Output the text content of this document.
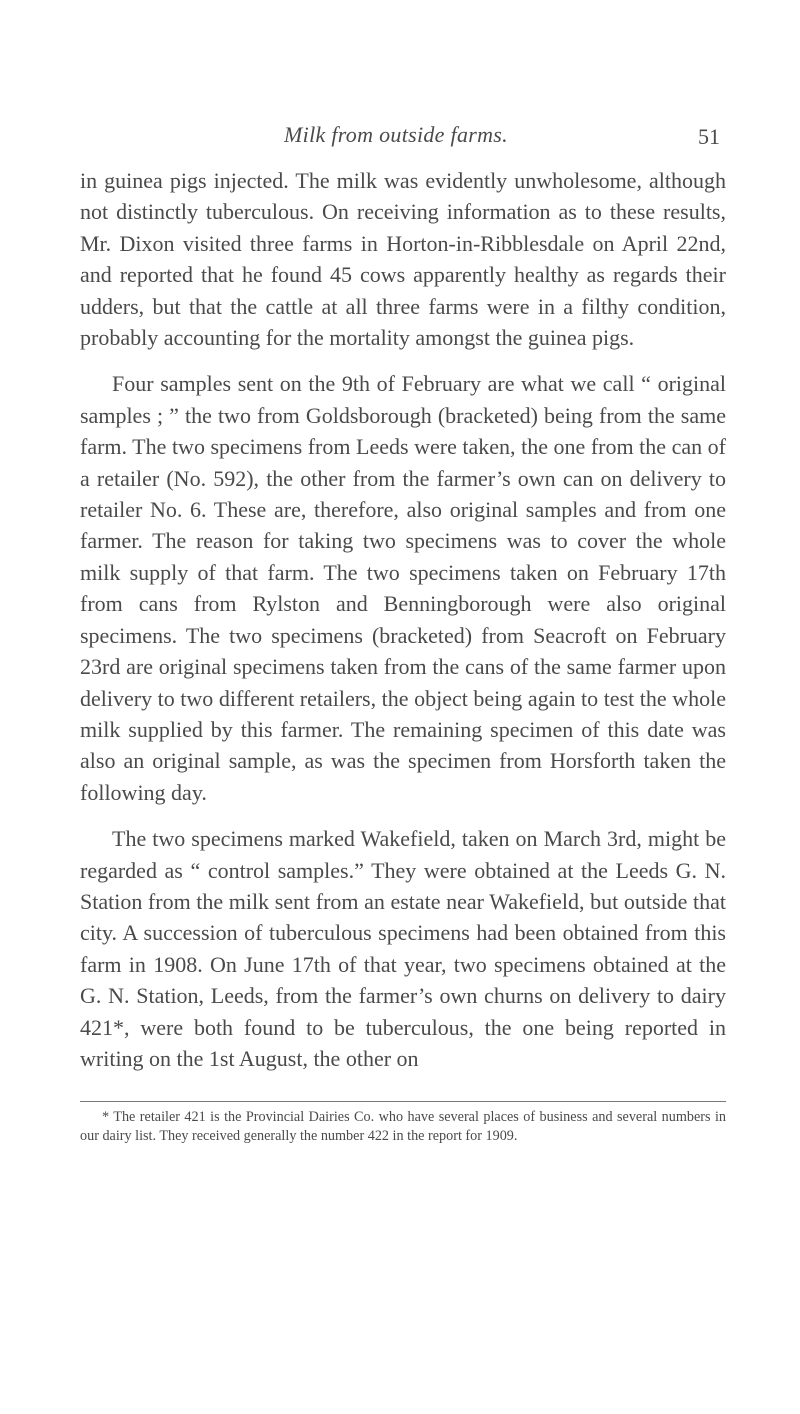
Milk from outside farms.	51

in guinea pigs injected. The milk was evidently unwholesome, although not distinctly tuberculous. On receiving information as to these results, Mr. Dixon visited three farms in Horton-in-Ribblesdale on April 22nd, and reported that he found 45 cows apparently healthy as regards their udders, but that the cattle at all three farms were in a filthy condition, probably accounting for the mortality amongst the guinea pigs.

Four samples sent on the 9th of February are what we call “ original samples ; ” the two from Goldsborough (bracketed) being from the same farm. The two specimens from Leeds were taken, the one from the can of a retailer (No. 592), the other from the farmer’s own can on delivery to retailer No. 6. These are, therefore, also original samples and from one farmer. The reason for taking two specimens was to cover the whole milk supply of that farm. The two specimens taken on February 17th from cans from Rylston and Benningborough were also original specimens. The two specimens (bracketed) from Seacroft on February 23rd are original specimens taken from the cans of the same farmer upon delivery to two different retailers, the object being again to test the whole milk supplied by this farmer. The remaining specimen of this date was also an original sample, as was the specimen from Horsforth taken the following day.

The two specimens marked Wakefield, taken on March 3rd, might be regarded as “ control samples.” They were obtained at the Leeds G. N. Station from the milk sent from an estate near Wakefield, but outside that city. A succession of tuberculous specimens had been obtained from this farm in 1908. On June 17th of that year, two specimens obtained at the G. N. Station, Leeds, from the farmer’s own churns on delivery to dairy 421*, were both found to be tuberculous, the one being reported in writing on the 1st August, the other on

* The retailer 421 is the Provincial Dairies Co. who have several places of business and several numbers in our dairy list. They received generally the number 422 in the report for 1909.
